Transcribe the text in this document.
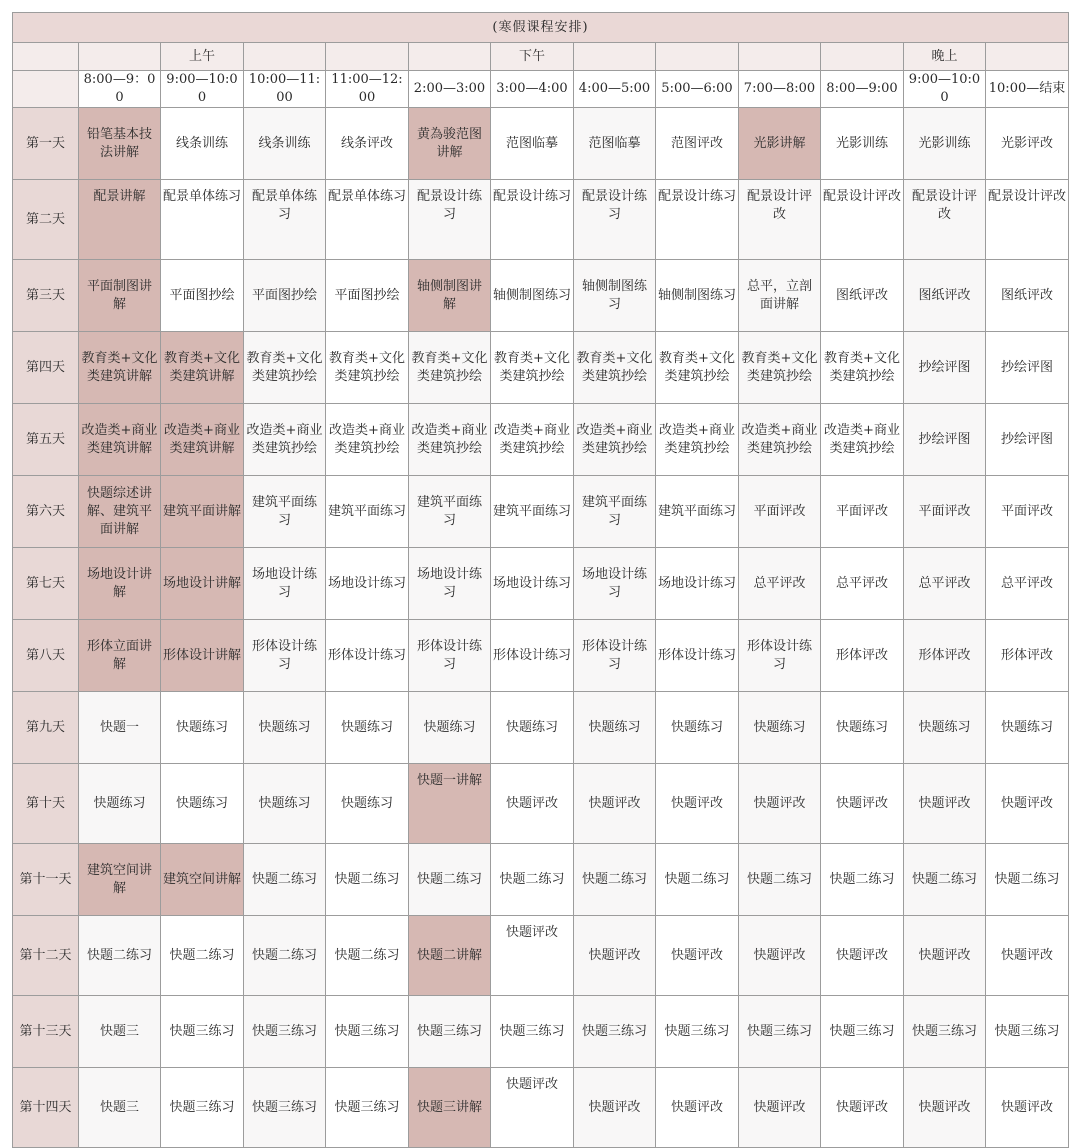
(寒假课程安排)												
		上午				下午					晚上	
	8:00—9：00	9:00—10:00	10:00—11:00	11:00—12:00	2:00—3:00	3:00—4:00	4:00—5:00	5:00—6:00	7:00—8:00	8:00—9:00	9:00—10:00	10:00—结束
第一天	铅笔基本技法讲解	线条训练	线条训练	线条评改	黄為骏范图讲解	范图临摹	范图临摹	范图评改	光影讲解	光影训练	光影训练	光影评改
第二天	配景讲解	配景单体练习	配景单体练习	配景单体练习	配景设计练习	配景设计练习	配景设计练习	配景设计练习	配景设计评改	配景设计评改	配景设计评改	配景设计评改
第三天	平面制图讲解	平面图抄绘	平面图抄绘	平面图抄绘	轴侧制图讲解	轴侧制图练习	轴侧制图练习	轴侧制图练习	总平，立剖面讲解	图纸评改	图纸评改	图纸评改
第四天	教育类+文化类建筑讲解	教育类+文化类建筑讲解	教育类+文化类建筑抄绘	教育类+文化类建筑抄绘	教育类+文化类建筑抄绘	教育类+文化类建筑抄绘	教育类+文化类建筑抄绘	教育类+文化类建筑抄绘	教育类+文化类建筑抄绘	教育类+文化类建筑抄绘	抄绘评图	抄绘评图
第五天	改造类+商业类建筑讲解	改造类+商业类建筑讲解	改造类+商业类建筑抄绘	改造类+商业类建筑抄绘	改造类+商业类建筑抄绘	改造类+商业类建筑抄绘	改造类+商业类建筑抄绘	改造类+商业类建筑抄绘	改造类+商业类建筑抄绘	改造类+商业类建筑抄绘	抄绘评图	抄绘评图
第六天	快题综述讲解、建筑平面讲解	建筑平面讲解	建筑平面练习	建筑平面练习	建筑平面练习	建筑平面练习	建筑平面练习	建筑平面练习	平面评改	平面评改	平面评改	平面评改
第七天	场地设计讲解	场地设计讲解	场地设计练习	场地设计练习	场地设计练习	场地设计练习	场地设计练习	场地设计练习	总平评改	总平评改	总平评改	总平评改
第八天	形体立面讲解	形体设计讲解	形体设计练习	形体设计练习	形体设计练习	形体设计练习	形体设计练习	形体设计练习	形体设计练习	形体评改	形体评改	形体评改
第九天	快题一	快题练习	快题练习	快题练习	快题练习	快题练习	快题练习	快题练习	快题练习	快题练习	快题练习	快题练习
第十天	快题练习	快题练习	快题练习	快题练习	快题一讲解	快题评改	快题评改	快题评改	快题评改	快题评改	快题评改	快题评改
第十一天	建筑空间讲解	建筑空间讲解	快题二练习	快题二练习	快题二练习	快题二练习	快题二练习	快题二练习	快题二练习	快题二练习	快题二练习	快题二练习
第十二天	快题二练习	快题二练习	快题二练习	快题二练习	快题二讲解	快题评改	快题评改	快题评改	快题评改	快题评改	快题评改	快题评改
第十三天	快题三	快题三练习	快题三练习	快题三练习	快题三练习	快题三练习	快题三练习	快题三练习	快题三练习	快题三练习	快题三练习	快题三练习
第十四天	快题三	快题三练习	快题三练习	快题三练习	快题三讲解	快题评改	快题评改	快题评改	快题评改	快题评改	快题评改	快题评改
